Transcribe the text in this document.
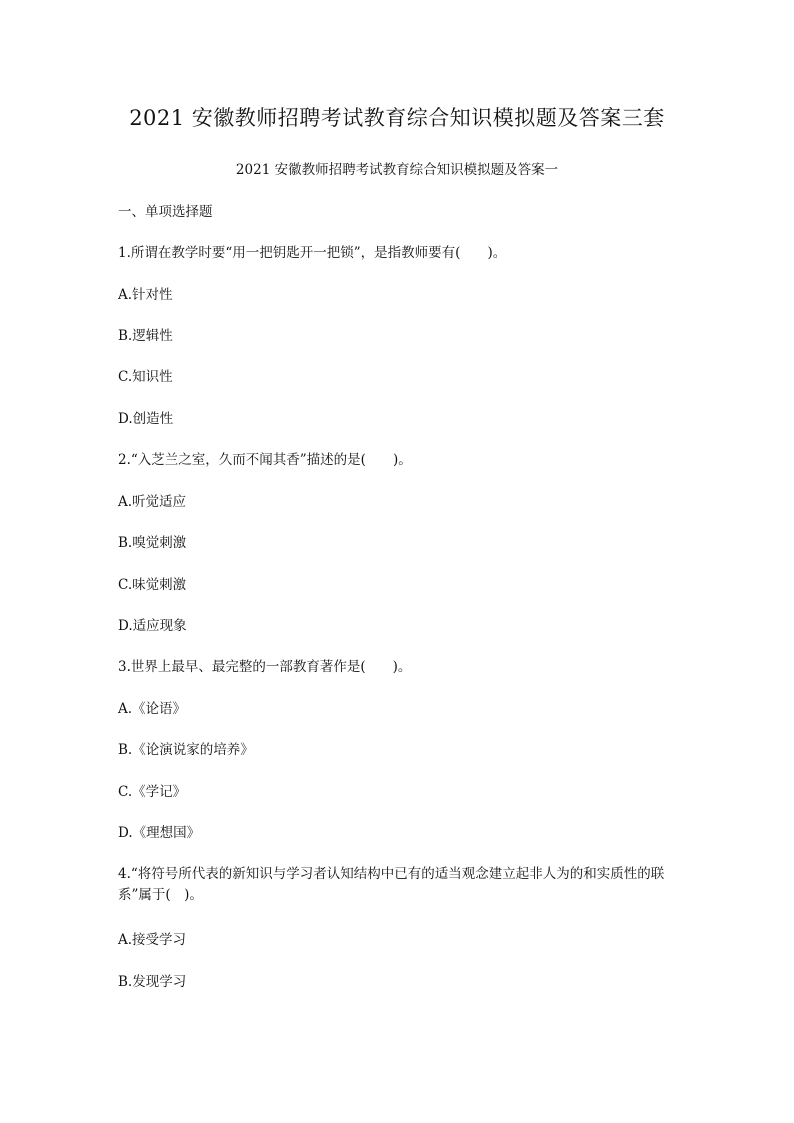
2021 安徽教师招聘考试教育综合知识模拟题及答案三套
2021 安徽教师招聘考试教育综合知识模拟题及答案一
一、单项选择题
1.所谓在教学时要“用一把钥匙开一把锁”，是指教师要有(　　)。
A.针对性
B.逻辑性
C.知识性
D.创造性
2.“入芝兰之室，久而不闻其香”描述的是(　　)。
A.听觉适应
B.嗅觉刺激
C.味觉刺激
D.适应现象
3.世界上最早、最完整的一部教育著作是(　　)。
A.《论语》
B.《论演说家的培养》
C.《学记》
D.《理想国》
4.“将符号所代表的新知识与学习者认知结构中已有的适当观念建立起非人为的和实质性的联系”属于(　)。
A.接受学习
B.发现学习
